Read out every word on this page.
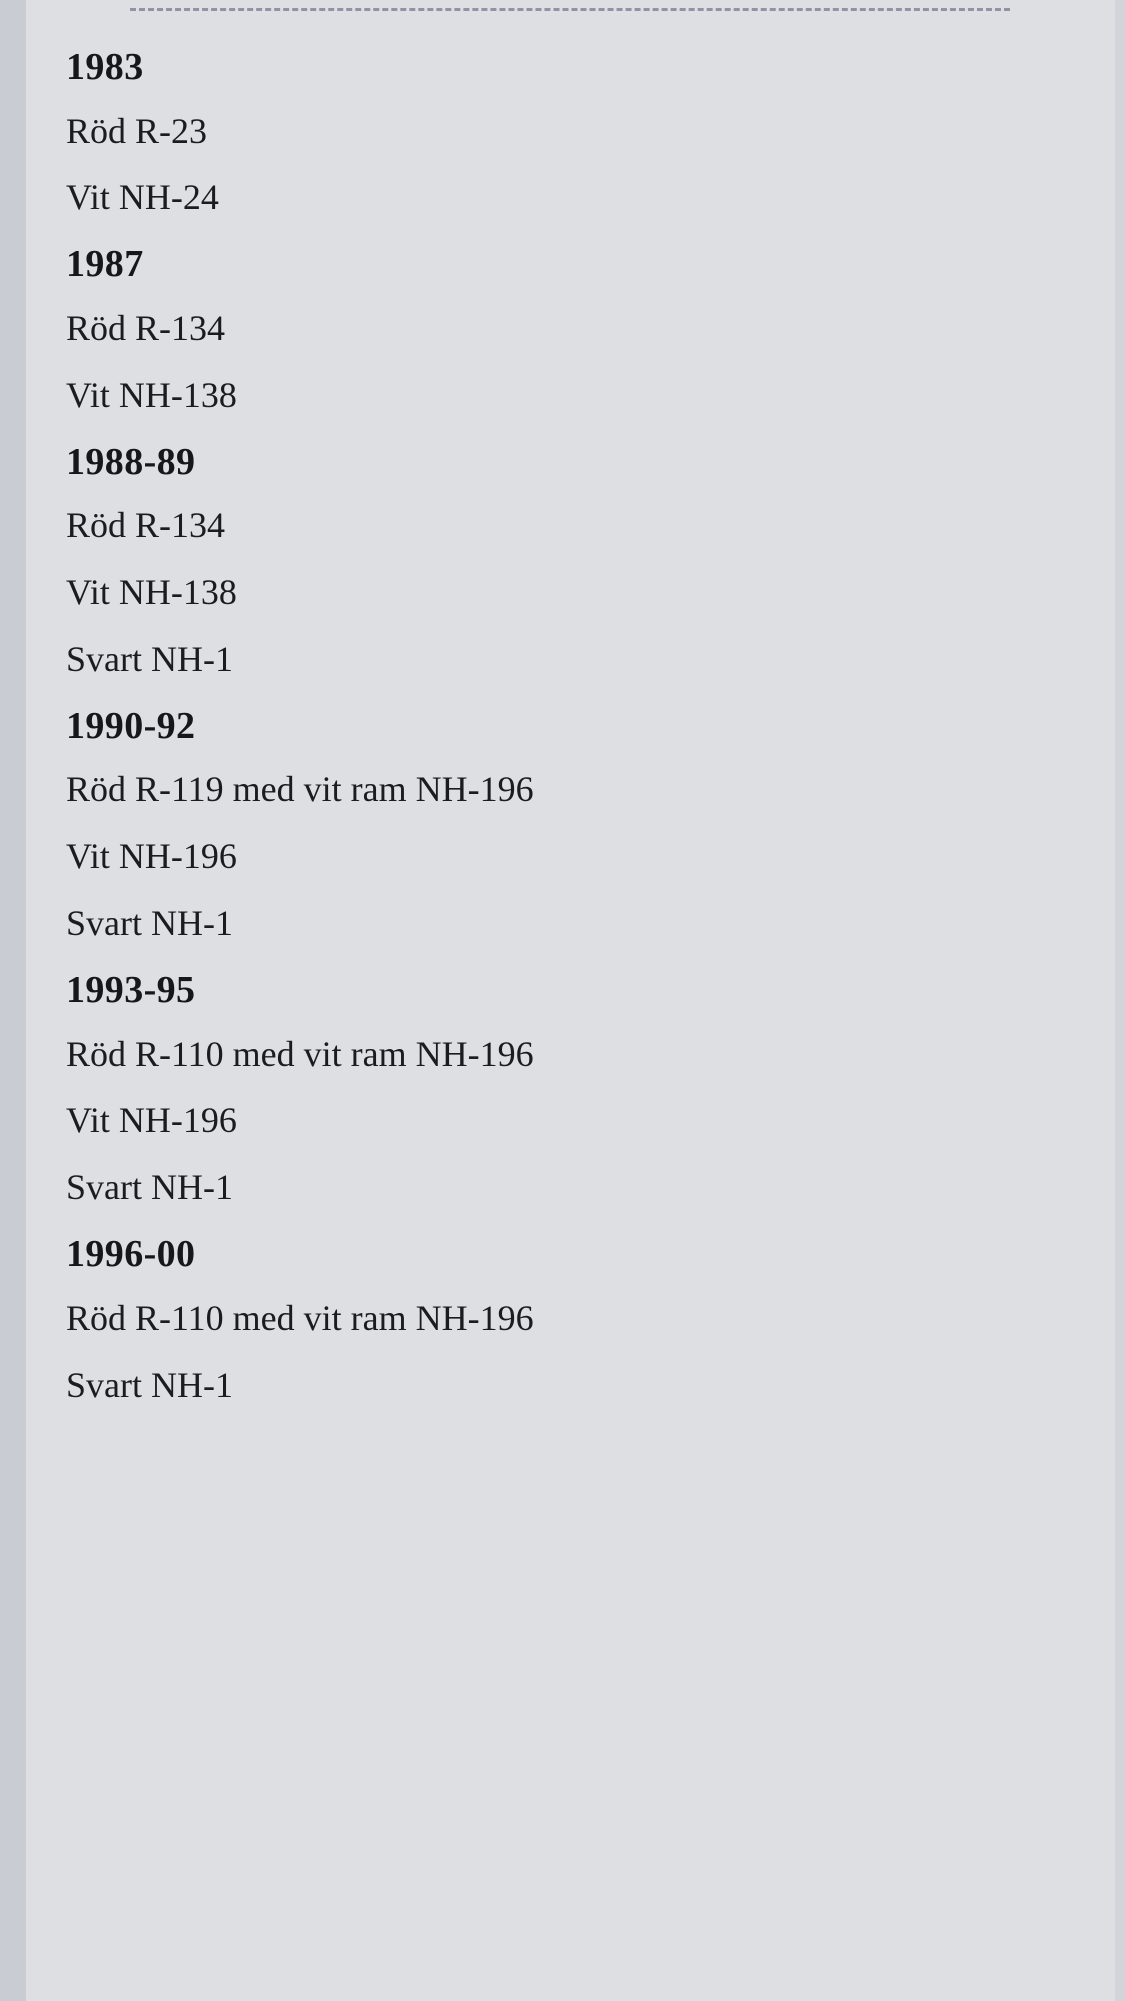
1983
Röd R-23
Vit NH-24
1987
Röd R-134
Vit NH-138
1988-89
Röd R-134
Vit NH-138
Svart NH-1
1990-92
Röd R-119 med vit ram NH-196
Vit NH-196
Svart NH-1
1993-95
Röd R-110 med vit ram NH-196
Vit NH-196
Svart NH-1
1996-00
Röd R-110 med vit ram NH-196
Svart NH-1
